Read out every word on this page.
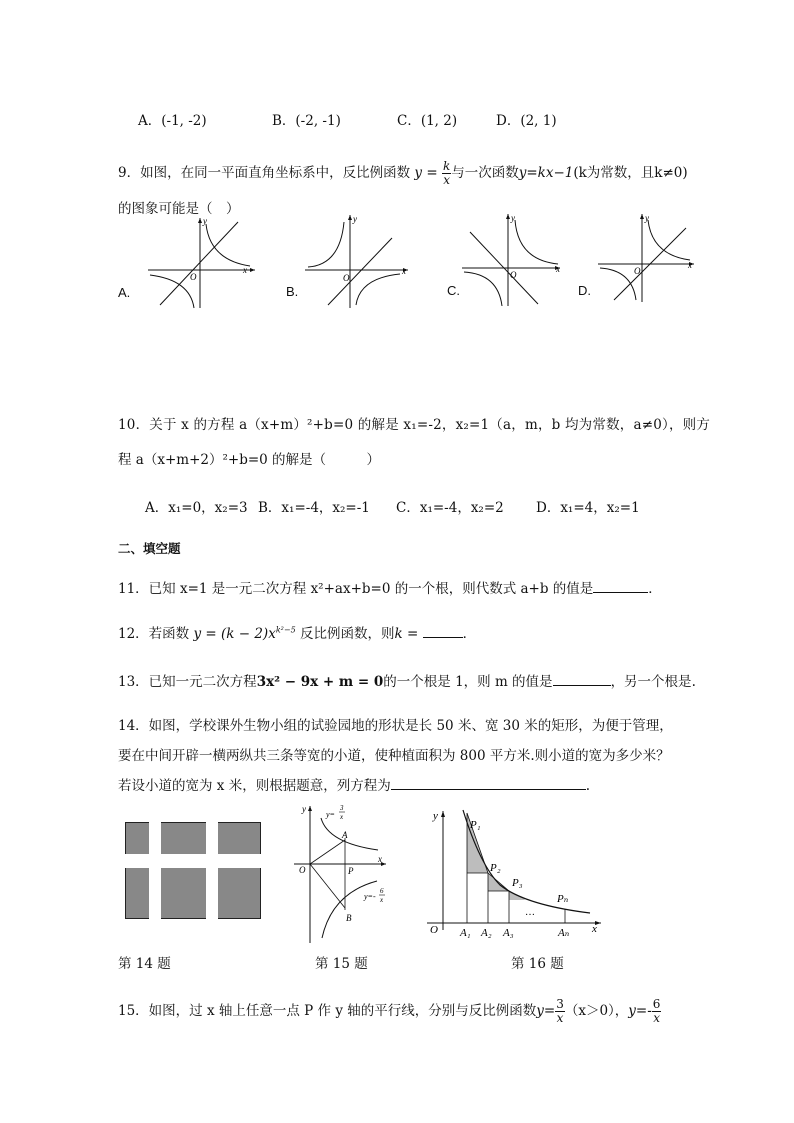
A．(-1, -2)	B．(-2, -1)	C．(1, 2)	D．(2, 1)
9．如图，在同一平面直角坐标系中，反比例函数 $y = \frac{k}{x}$ 与一次函数y=kx−1(k为常数，且k≠0)
的图象可能是（　）
x
y
O
A.
x
y
O
B.
x
y
O
C.
x
y
O
D.
10．关于 x 的方程 a（x+m）²+b=0 的解是 x₁=-2，x₂=1（a，m，b 均为常数，a≠0），则方
程 a（x+m+2）²+b=0 的解是（　　　）
A．x₁=0，x₂=3 B．x₁=-4，x₂=-1 C．x₁=-4，x₂=2 D．x₁=4，x₂=1
二、填空题
11．已知 x=1 是一元二次方程 x²+ax+b=0 的一个根，则代数式 a+b 的值是	．
12．若函数 $y = (k - 2)x^{k^2-5}$ 反比例函数，则k =	．
13．已知一元二次方程3x² − 9x + m = 0的一个根是 1，则 m 的值是	，另一个根是.
14．如图，学校课外生物小组的试验园地的形状是长 50 米、宽 30 米的矩形，为便于管理，
要在中间开辟一横两纵共三条等宽的小道，使种植面积为 800 平方米.则小道的宽为多少米？
若设小道的宽为 x 米，则根据题意，列方程为	.
y
x
O
A
P
B
y=
3
x
y=-
6
x
y
x
O
P₁
P₂
P₃
Pₙ
…
A₁ A₂ A₃	Aₙ
第 14 题	第 15 题	第 16 题
15．如图，过 x 轴上任意一点 P 作 y 轴的平行线，分别与反比例函数$y= \frac{3}{x} (x>0)$，$y=- \frac{6}{x}$
